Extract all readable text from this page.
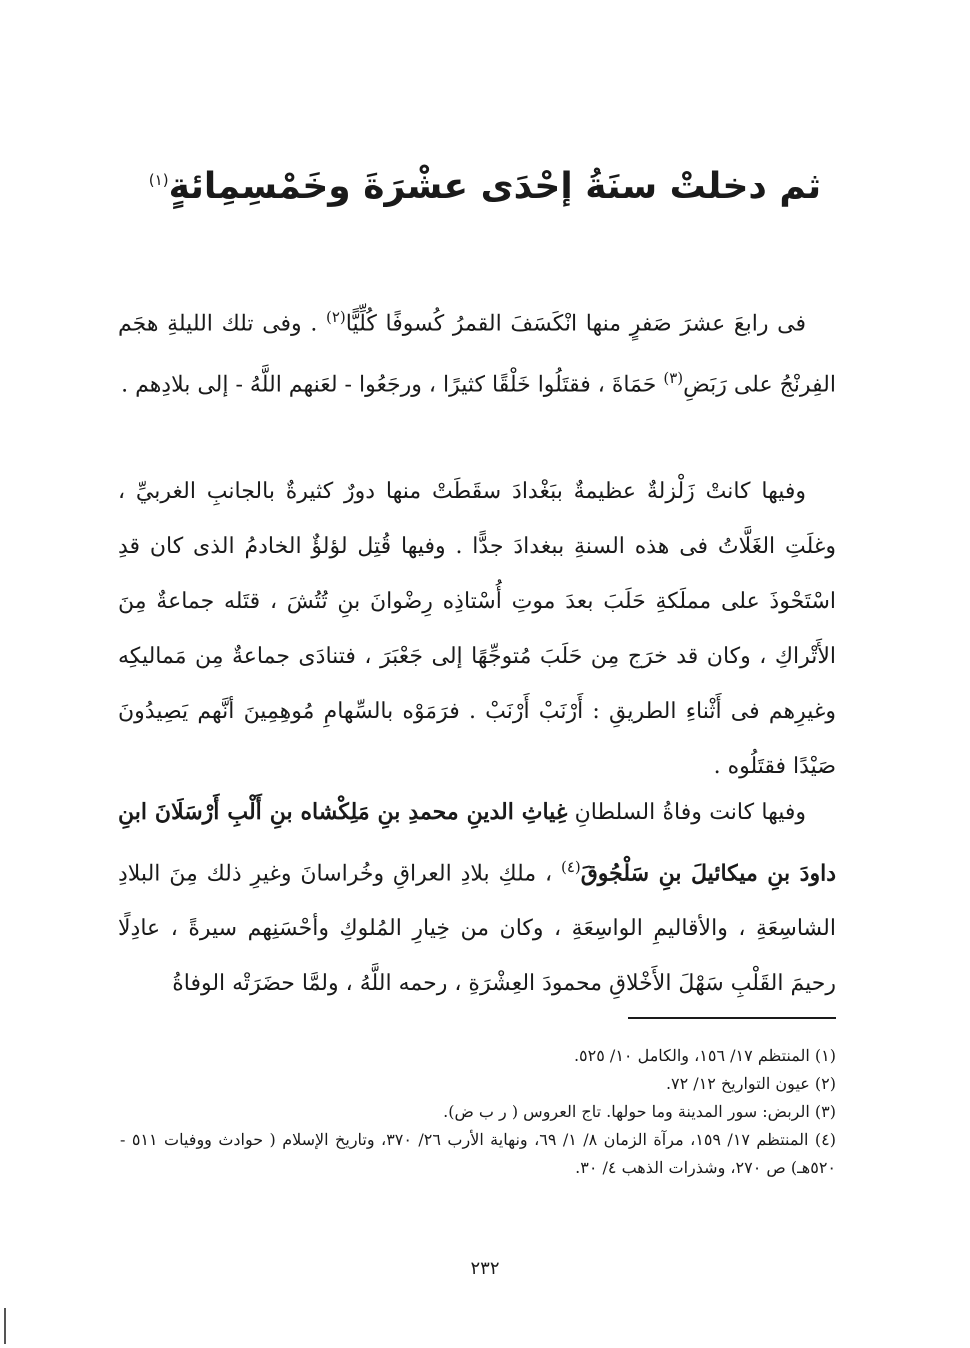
ثم دخلتْ سنَةُ إحْدَى عشْرَةَ وخَمْسِمِائةٍ$^{(١)}$

فى رابعَ عشرَ صَفرٍ منها انْكَسَفَ القمرُ كُسوفًا كُلِّيًّا$^{(٢)}$ . وفى تلك الليلةِ هجَم الفِرنْجُ على رَبَضِ$^{(٣)}$ حَمَاةَ ، فقتَلُوا خَلْقًا كثيرًا ، ورجَعُوا - لعَنهم اللَّهُ - إلى بلادِهم .

وفيها كانتْ زَلْزلةٌ عظيمةٌ ببَغْدادَ سقَطَتْ منها دورٌ كثيرةٌ بالجانبِ الغربيِّ ، وغلَتِ الغَلَّاتُ فى هذه السنةِ ببغدادَ جدًّا . وفيها قُتِل لؤلؤٌ الخادمُ الذى كان قدِ اسْتَحْوذَ على مملَكةِ حَلَبَ بعدَ موتِ أُسْتاذِه رِضْوانَ بنِ تُتُشَ ، قتَله جماعةٌ مِنَ الأَتْراكِ ، وكان قد خرَج مِن حَلَبَ مُتوجِّهًا إلى جَعْبَرَ ، فتنادَى جماعةٌ مِن مَماليكِه وغيرِهم فى أَثْناءِ الطريقِ : أَرْنَبْ أَرْنَبْ . فرَمَوْه بالسِّهامِ مُوهِمِينَ أنَّهم يَصِيدُونَ صَيْدًا فقتَلُوه .

وفيها كانت وفاةُ السلطانِ غِياثِ الدينِ محمدِ بنِ مَلِكْشاه بنِ أَلْبِ أَرْسَلَانَ ابنِ داودَ بنِ ميكائيلَ بنِ سَلْجُوقَ$^{(٤)}$ ، ملكِ بلادِ العراقِ وخُراسانَ وغيرِ ذلك مِنَ البلادِ الشاسِعَةِ ، والأقاليمِ الواسِعَةِ ، وكان من خِيارِ المُلوكِ وأحْسَنِهم سيرةً ، عادِلًا رحيمَ القَلْبِ سَهْلَ الأَخْلاقِ محمودَ العِشْرَةِ ، رحمه اللَّهُ ، ولمَّا حضَرَتْه الوفاةُ

(١) المنتظم ١٧/ ١٥٦، والكامل ١٠/ ٥٢٥.
(٢) عيون التواريخ ١٢/ ٧٢.
(٣) الربض: سور المدينة وما حولها. تاج العروس ( ر ب ض).
(٤) المنتظم ١٧/ ١٥٩، مرآة الزمان ٨/ ١/ ٦٩، ونهاية الأرب ٢٦/ ٣٧٠، وتاريخ الإسلام ( حوادث ووفيات ٥١١ - ٥٢٠هـ) ص ٢٧٠، وشذرات الذهب ٤/ ٣٠.
٢٣٢
